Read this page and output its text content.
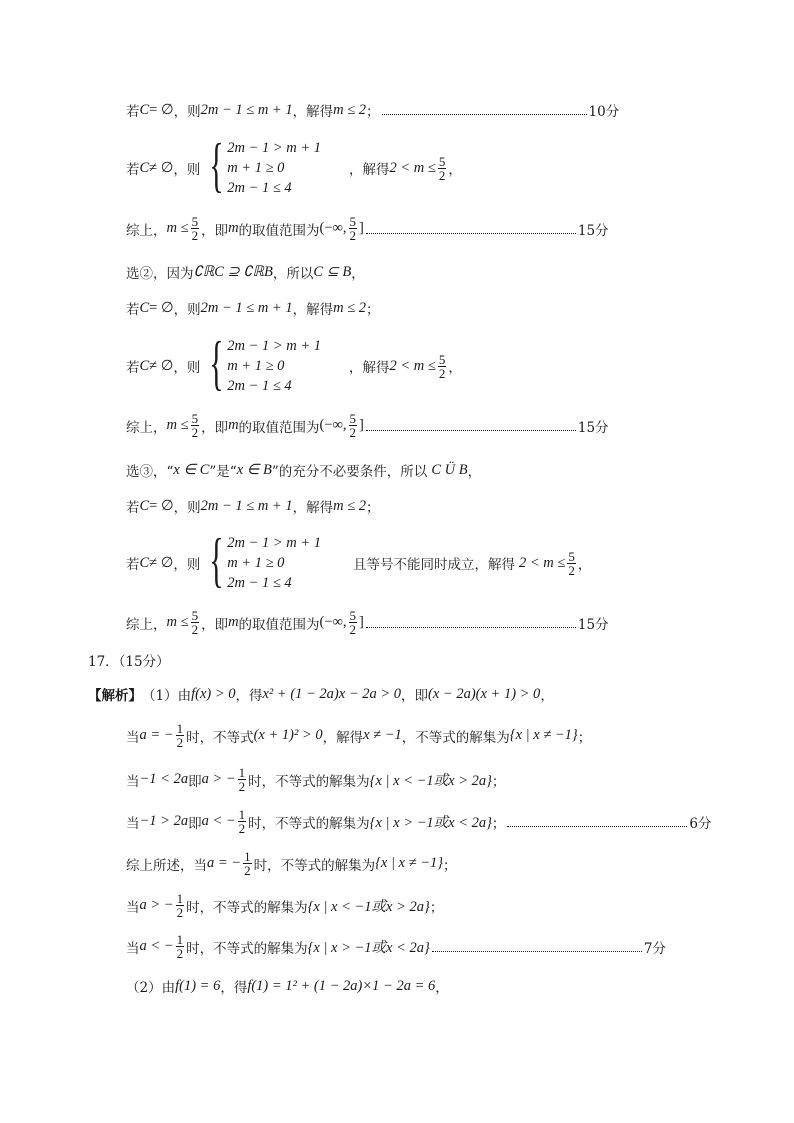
若 C = ∅ ，则 2m − 1 ≤ m + 1 ，解得 m ≤ 2 ；	10分
若 C ≠ ∅ ，则 { 2m − 1 > m + 1
m + 1 ≥ 0
2m − 1 ≤ 4
，解得 $2 < m \le \frac{5}{2}$ ，
综上， $m \le \frac{5}{2}$ ，即 m 的取值范围为 (−∞, $\frac{5}{2}$ ]	15分
选②，因为 ∁ℝC ⊇ ∁ℝB ，所以 C ⊆ B ，
若 C = ∅ ，则 2m − 1 ≤ m + 1 ，解得 m ≤ 2 ；
若 C ≠ ∅ ，则 { 2m − 1 > m + 1
m + 1 ≥ 0
2m − 1 ≤ 4
，解得 $2 < m \le \frac{5}{2}$ ，
综上， $m \le \frac{5}{2}$ ，即 m 的取值范围为 (−∞, $\frac{5}{2}$ ]	15分
选③，“ x ∈ C ”是“ x ∈ B ”的充分不必要条件，所以 C Ü B ，
若 C = ∅ ，则 2m − 1 ≤ m + 1 ，解得 m ≤ 2 ；
若 C ≠ ∅ ，则 { 2m − 1 > m + 1
m + 1 ≥ 0
2m − 1 ≤ 4
且等号不能同时成立，解得 $2 < m \le \frac{5}{2}$ ，
综上， $m \le \frac{5}{2}$ ，即 m 的取值范围为 (−∞, $\frac{5}{2}$ ]	15分
17．（15分）
【解析】 （1）由 f(x) > 0 ，得 x² + (1 − 2a)x − 2a > 0 ，即 (x − 2a)(x + 1) > 0 ，
当 a = − $\frac{1}{2}$ 时，不等式 (x + 1)² > 0 ，解得 x ≠ −1 ，不等式的解集为 {x | x ≠ −1} ；
当 −1 < 2a 即 a > − $\frac{1}{2}$ 时，不等式的解集为 {x | x < −1或x > 2a} ；
当 −1 > 2a 即 a < − $\frac{1}{2}$ 时，不等式的解集为 {x | x > −1或x < 2a} ；	6分
综上所述，当 a = − $\frac{1}{2}$ 时，不等式的解集为 {x | x ≠ −1} ；
当 a > − $\frac{1}{2}$ 时，不等式的解集为 {x | x < −1或x > 2a} ；
当 a < − $\frac{1}{2}$ 时，不等式的解集为 {x | x > −1或x < 2a}	7分
（2）由 f(1) = 6 ，得 f(1) = 1² + (1 − 2a)×1 − 2a = 6 ，
